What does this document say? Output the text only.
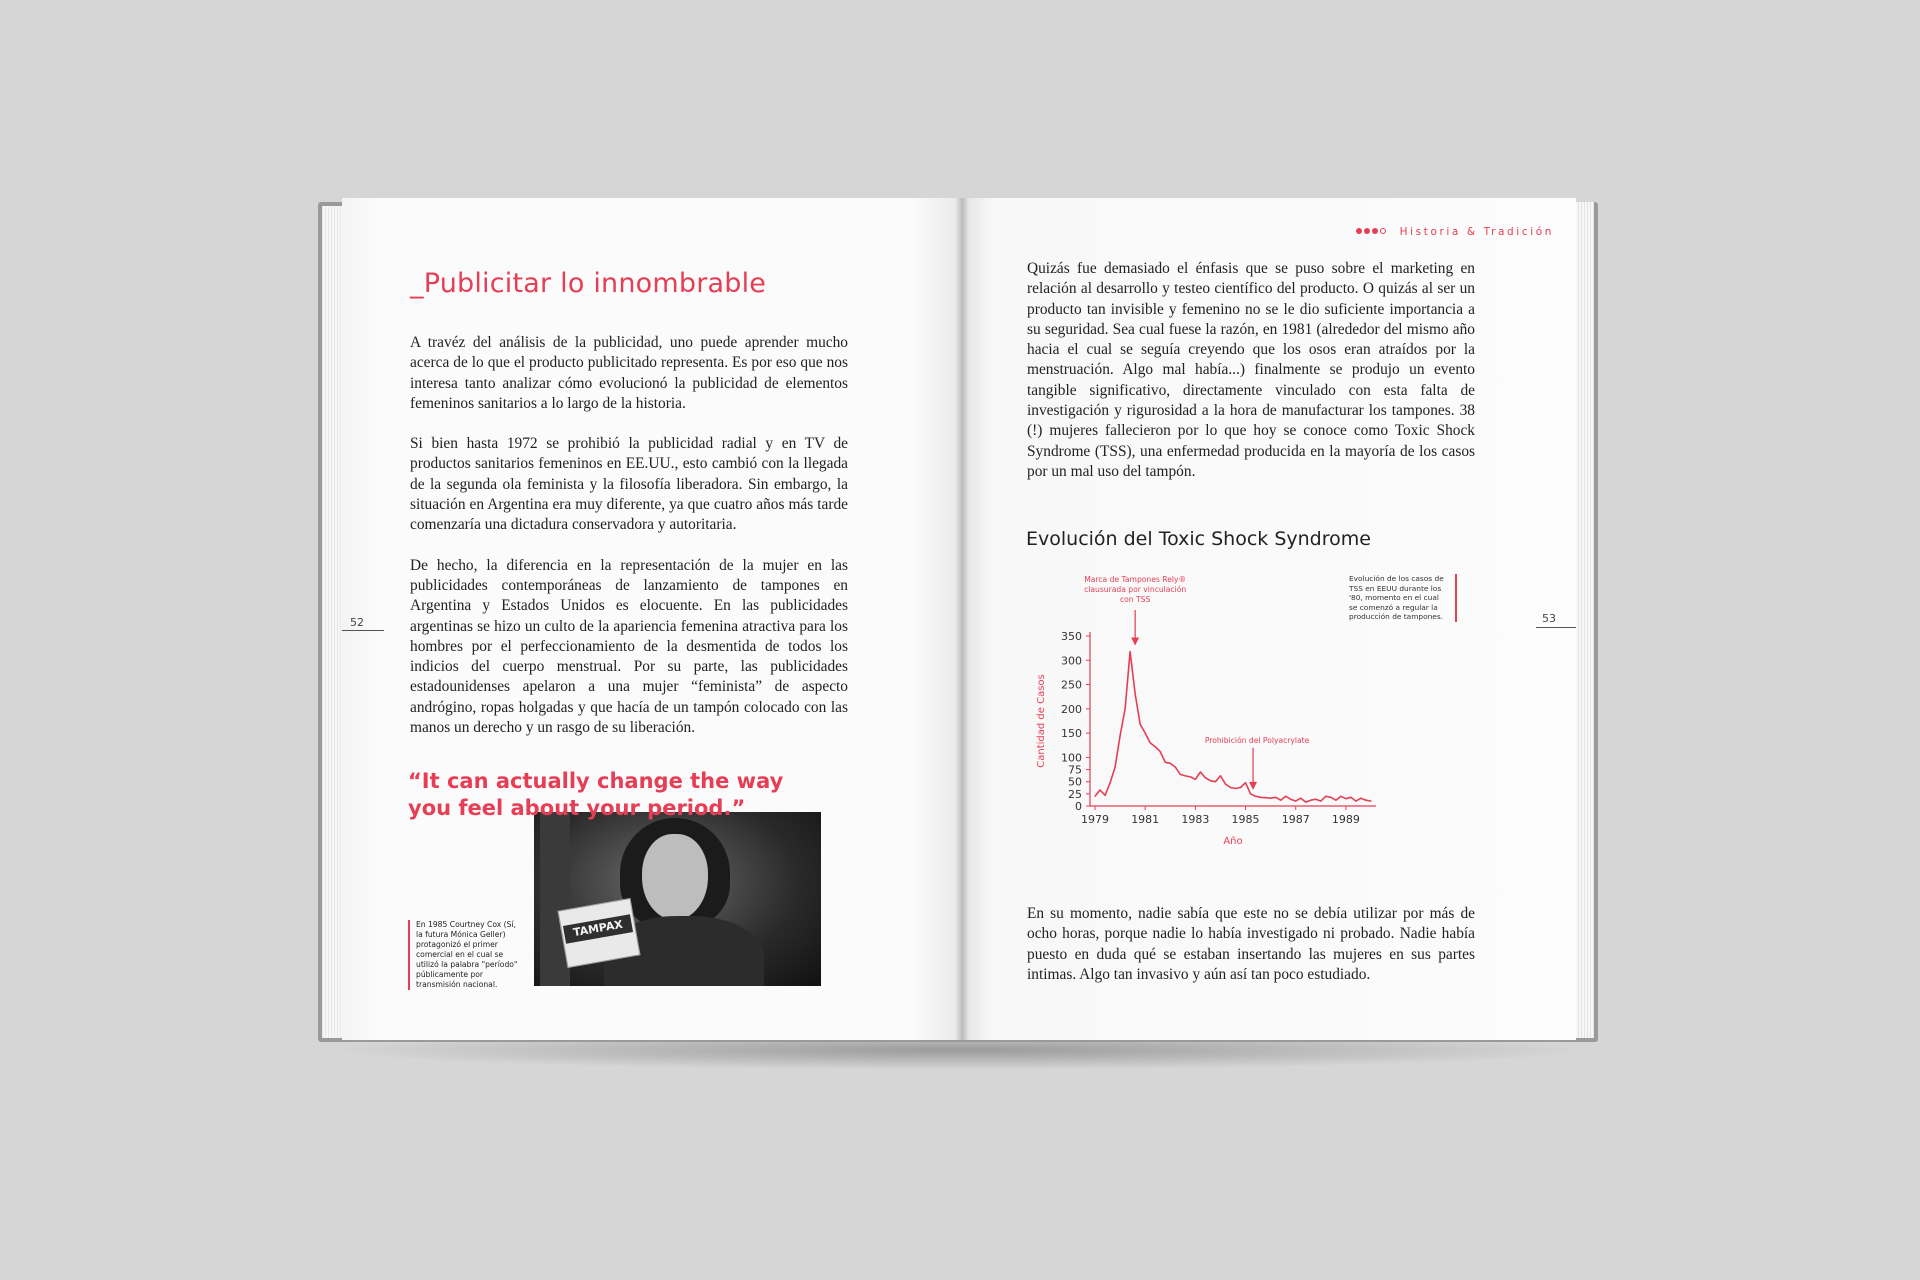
_Publicitar lo innombrable

A travéz del análisis de la publicidad, uno puede aprender mucho acerca de lo que el producto publicitado representa. Es por eso que nos interesa tanto analizar cómo evolucionó la publicidad de elementos femeninos sanitarios a lo largo de la historia.

Si bien hasta 1972 se prohibió la publicidad radial y en TV de productos sanitarios femeninos en EE.UU., esto cambió con la llegada de la segunda ola feminista y la filosofía liberadora. Sin embargo, la situación en Argentina era muy diferente, ya que cuatro años más tarde comenzaría una dictadura conservadora y autoritaria.

De hecho, la diferencia en la representación de la mujer en las publicidades contemporáneas de lanzamiento de tampones en Argentina y Estados Unidos es elocuente. En las publicidades argentinas se hizo un culto de la apariencia femenina atractiva para los hombres por el perfeccionamiento de la desmentida de todos los indicios del cuerpo menstrual. Por su parte, las publicidades estadounidenses apelaron a una mujer “feminista” de aspecto andrógino, ropas holgadas y que hacía de un tampón colocado con las manos un derecho y un rasgo de su liberación.

52
“It can actually change the way you feel about your period.”
TAMPAX
En 1985 Courtney Cox (Sí, la futura Mónica Geller) protagonizó el primer comercial en el cual se utilizó la palabra "período" públicamente por transmisión nacional.
Historia & Tradición

Quizás fue demasiado el énfasis que se puso sobre el marketing en relación al desarrollo y testeo científico del producto. O quizás al ser un producto tan invisible y femenino no se le dio suficiente importancia a su seguridad. Sea cual fuese la razón, en 1981 (alrededor del mismo año hacia el cual se seguía creyendo que los osos eran atraídos por la menstruación. Algo mal había...) finalmente se produjo un evento tangible significativo, directamente vinculado con esta falta de investigación y rigurosidad a la hora de manufacturar los tampones. 38 (!) mujeres fallecieron por lo que hoy se conoce como Toxic Shock Syndrome (TSS), una enfermedad producida en la mayoría de los casos por un mal uso del tampón.

Evolución del Toxic Shock Syndrome
Evolución de los casos de TSS en EEUU durante los '80, momento en el cual se comenzó a regular la producción de tampones.
0
25
50
75
100
150
200
250
300
350
1979 1981 1983 1985 1987 1989
Año
Cantidad de Casos
Marca de Tampones Rely® clausurada por vinculación con TSS
Prohibición del Polyacrylate

En su momento, nadie sabía que este no se debía utilizar por más de ocho horas, porque nadie lo había investigado ni probado. Nadie había puesto en duda qué se estaban insertando las mujeres en sus partes intimas. Algo tan invasivo y aún así tan poco estudiado.

53
